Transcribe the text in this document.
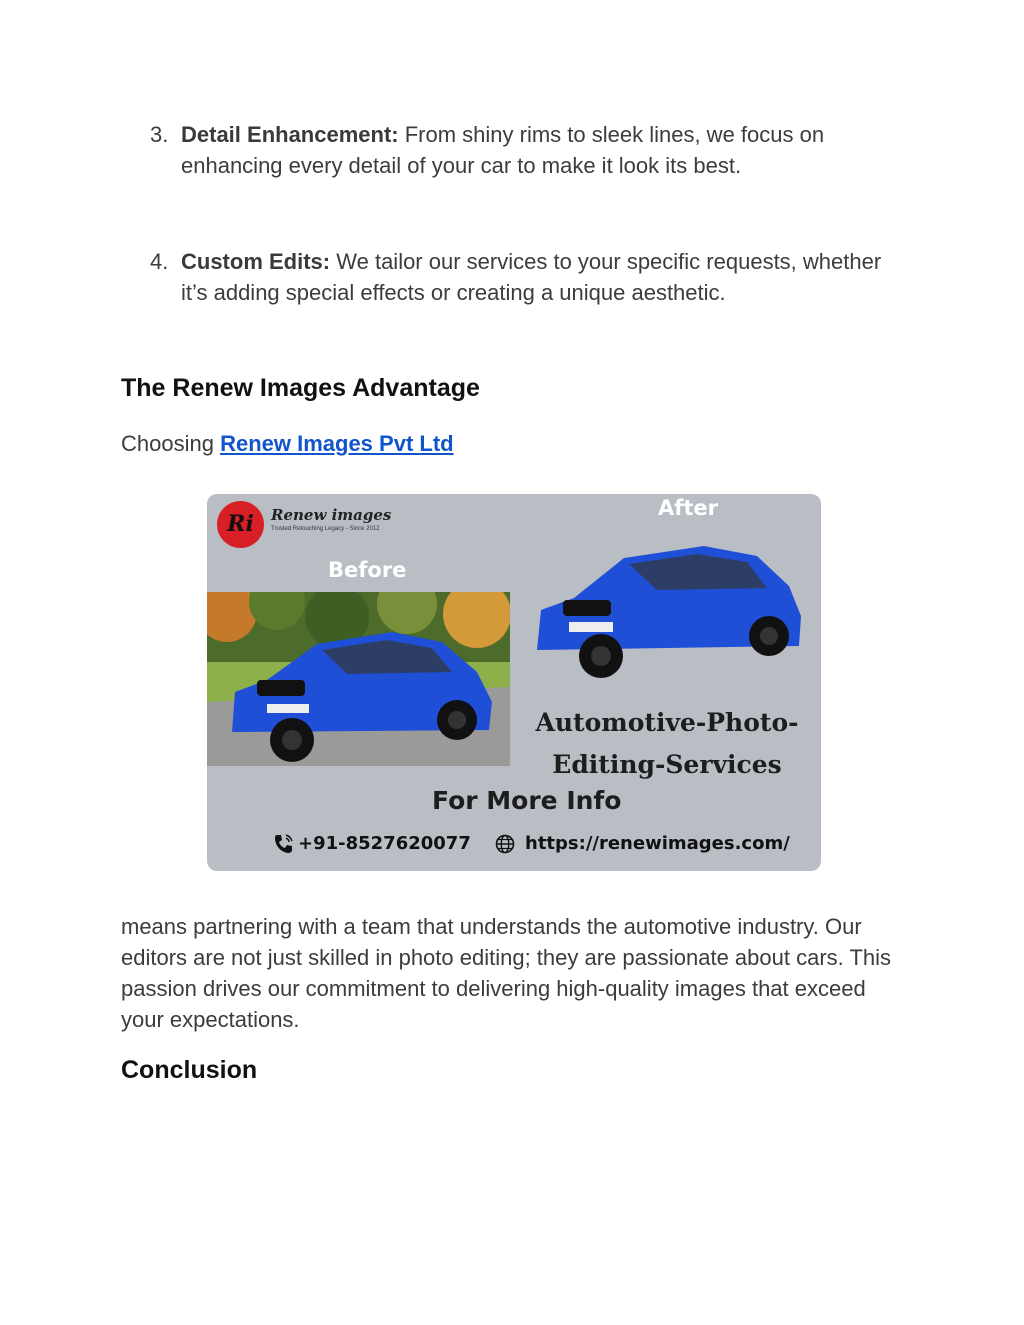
3. Detail Enhancement: From shiny rims to sleek lines, we focus on enhancing every detail of your car to make it look its best.
4. Custom Edits: We tailor our services to your specific requests, whether it’s adding special effects or creating a unique aesthetic.
The Renew Images Advantage

Choosing Renew Images Pvt Ltd

Ri	Renew images
Trusted Retouching Legacy - Since 2012
After
Before
Automotive-Photo-
Editing-Services
For More Info
+91-8527620077	https://renewimages.com/

means partnering with a team that understands the automotive industry. Our editors are not just skilled in photo editing; they are passionate about cars. This passion drives our commitment to delivering high-quality images that exceed your expectations.

Conclusion
